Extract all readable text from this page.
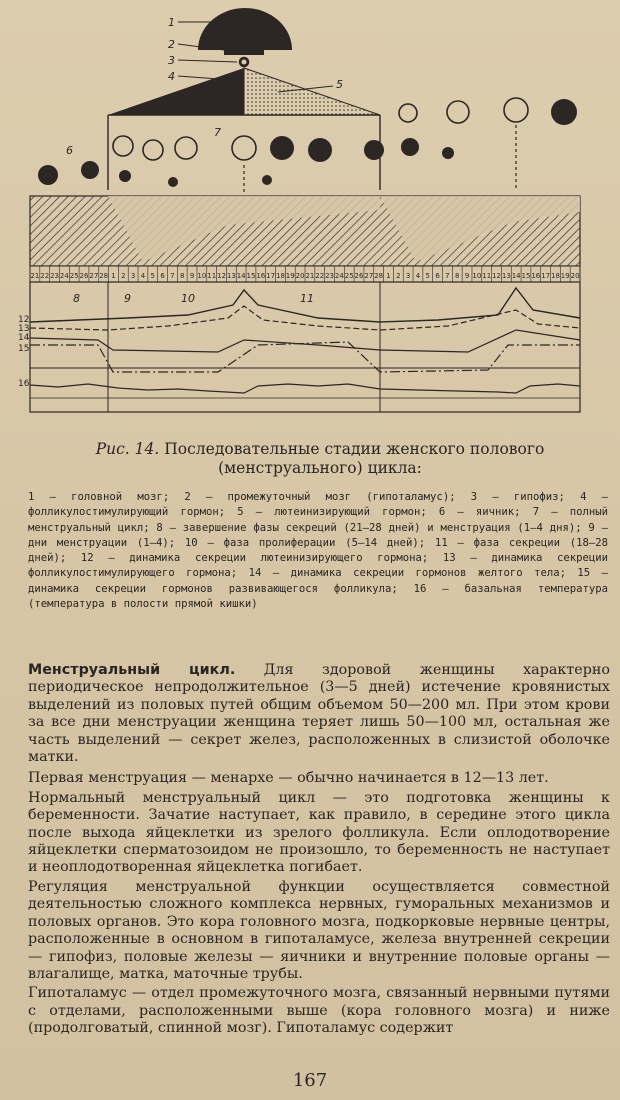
21 22 23 24 25 26 27 28 1 2 3 4 5 6 7 8 9 10 11 12 13 14 15 16 17 18 19 20 21 22 23 24 25 26 27 28 1 2 3 4 5 6 7 8 9 10 11 12 13 14 15 16 17 18 19 20
1
2
3
4
5
6
7
8	9	10	11
12
13
14
15
16
Рис. 14. Последовательные стадии женского полового
(менструального) цикла:
1 — головной мозг; 2 — промежуточный мозг (гипоталамус); 3 — гипофиз; 4 — фолликулостимулирующий гормон; 5 — лютеинизирующий гормон; 6 — яичник; 7 — полный менструальный цикл; 8 — завершение фазы секреций (21—28 дней) и менструация (1—4 дня); 9 — дни менструации (1—4); 10 — фаза пролиферации (5—14 дней); 11 — фаза секреции (18—28 дней); 12 — динамика секреции лютеинизирующего гормона; 13 — динамика секреции фолликулостимулирующего гормона; 14 — динамика секреции гормонов желтого тела; 15 — динамика секреции гормонов развивающегося фолликула; 16 — базальная температура (температура в полости прямой кишки)

Менструальный цикл. Для здоровой женщины характерно периодическое непродолжительное (3—5 дней) истечение кровянистых выделений из половых путей общим объемом 50—200 мл. При этом крови за все дни менструации женщина теряет лишь 50—100 мл, остальная же часть выделений — секрет желез, расположенных в слизистой оболочке матки.

Первая менструация — менархе — обычно начинается в 12—13 лет.

Нормальный менструальный цикл — это подготовка женщины к беременности. Зачатие наступает, как правило, в середине этого цикла после выхода яйцеклетки из зрелого фолликула. Если оплодотворение яйцеклетки сперматозоидом не произошло, то беременность не наступает и неоплодотворенная яйцеклетка погибает.

Регуляция менструальной функции осуществляется совместной деятельностью сложного комплекса нервных, гуморальных механизмов и половых органов. Это кора головного мозга, подкорковые нервные центры, расположенные в основном в гипоталамусе, железа внутренней секреции — гипофиз, половые железы — яичники и внутренние половые органы — влагалище, матка, маточные трубы.

Гипоталамус — отдел промежуточного мозга, связанный нервными путями с отделами, расположенными выше (кора головного мозга) и ниже (продолговатый, спинной мозг). Гипоталамус содержит

167
